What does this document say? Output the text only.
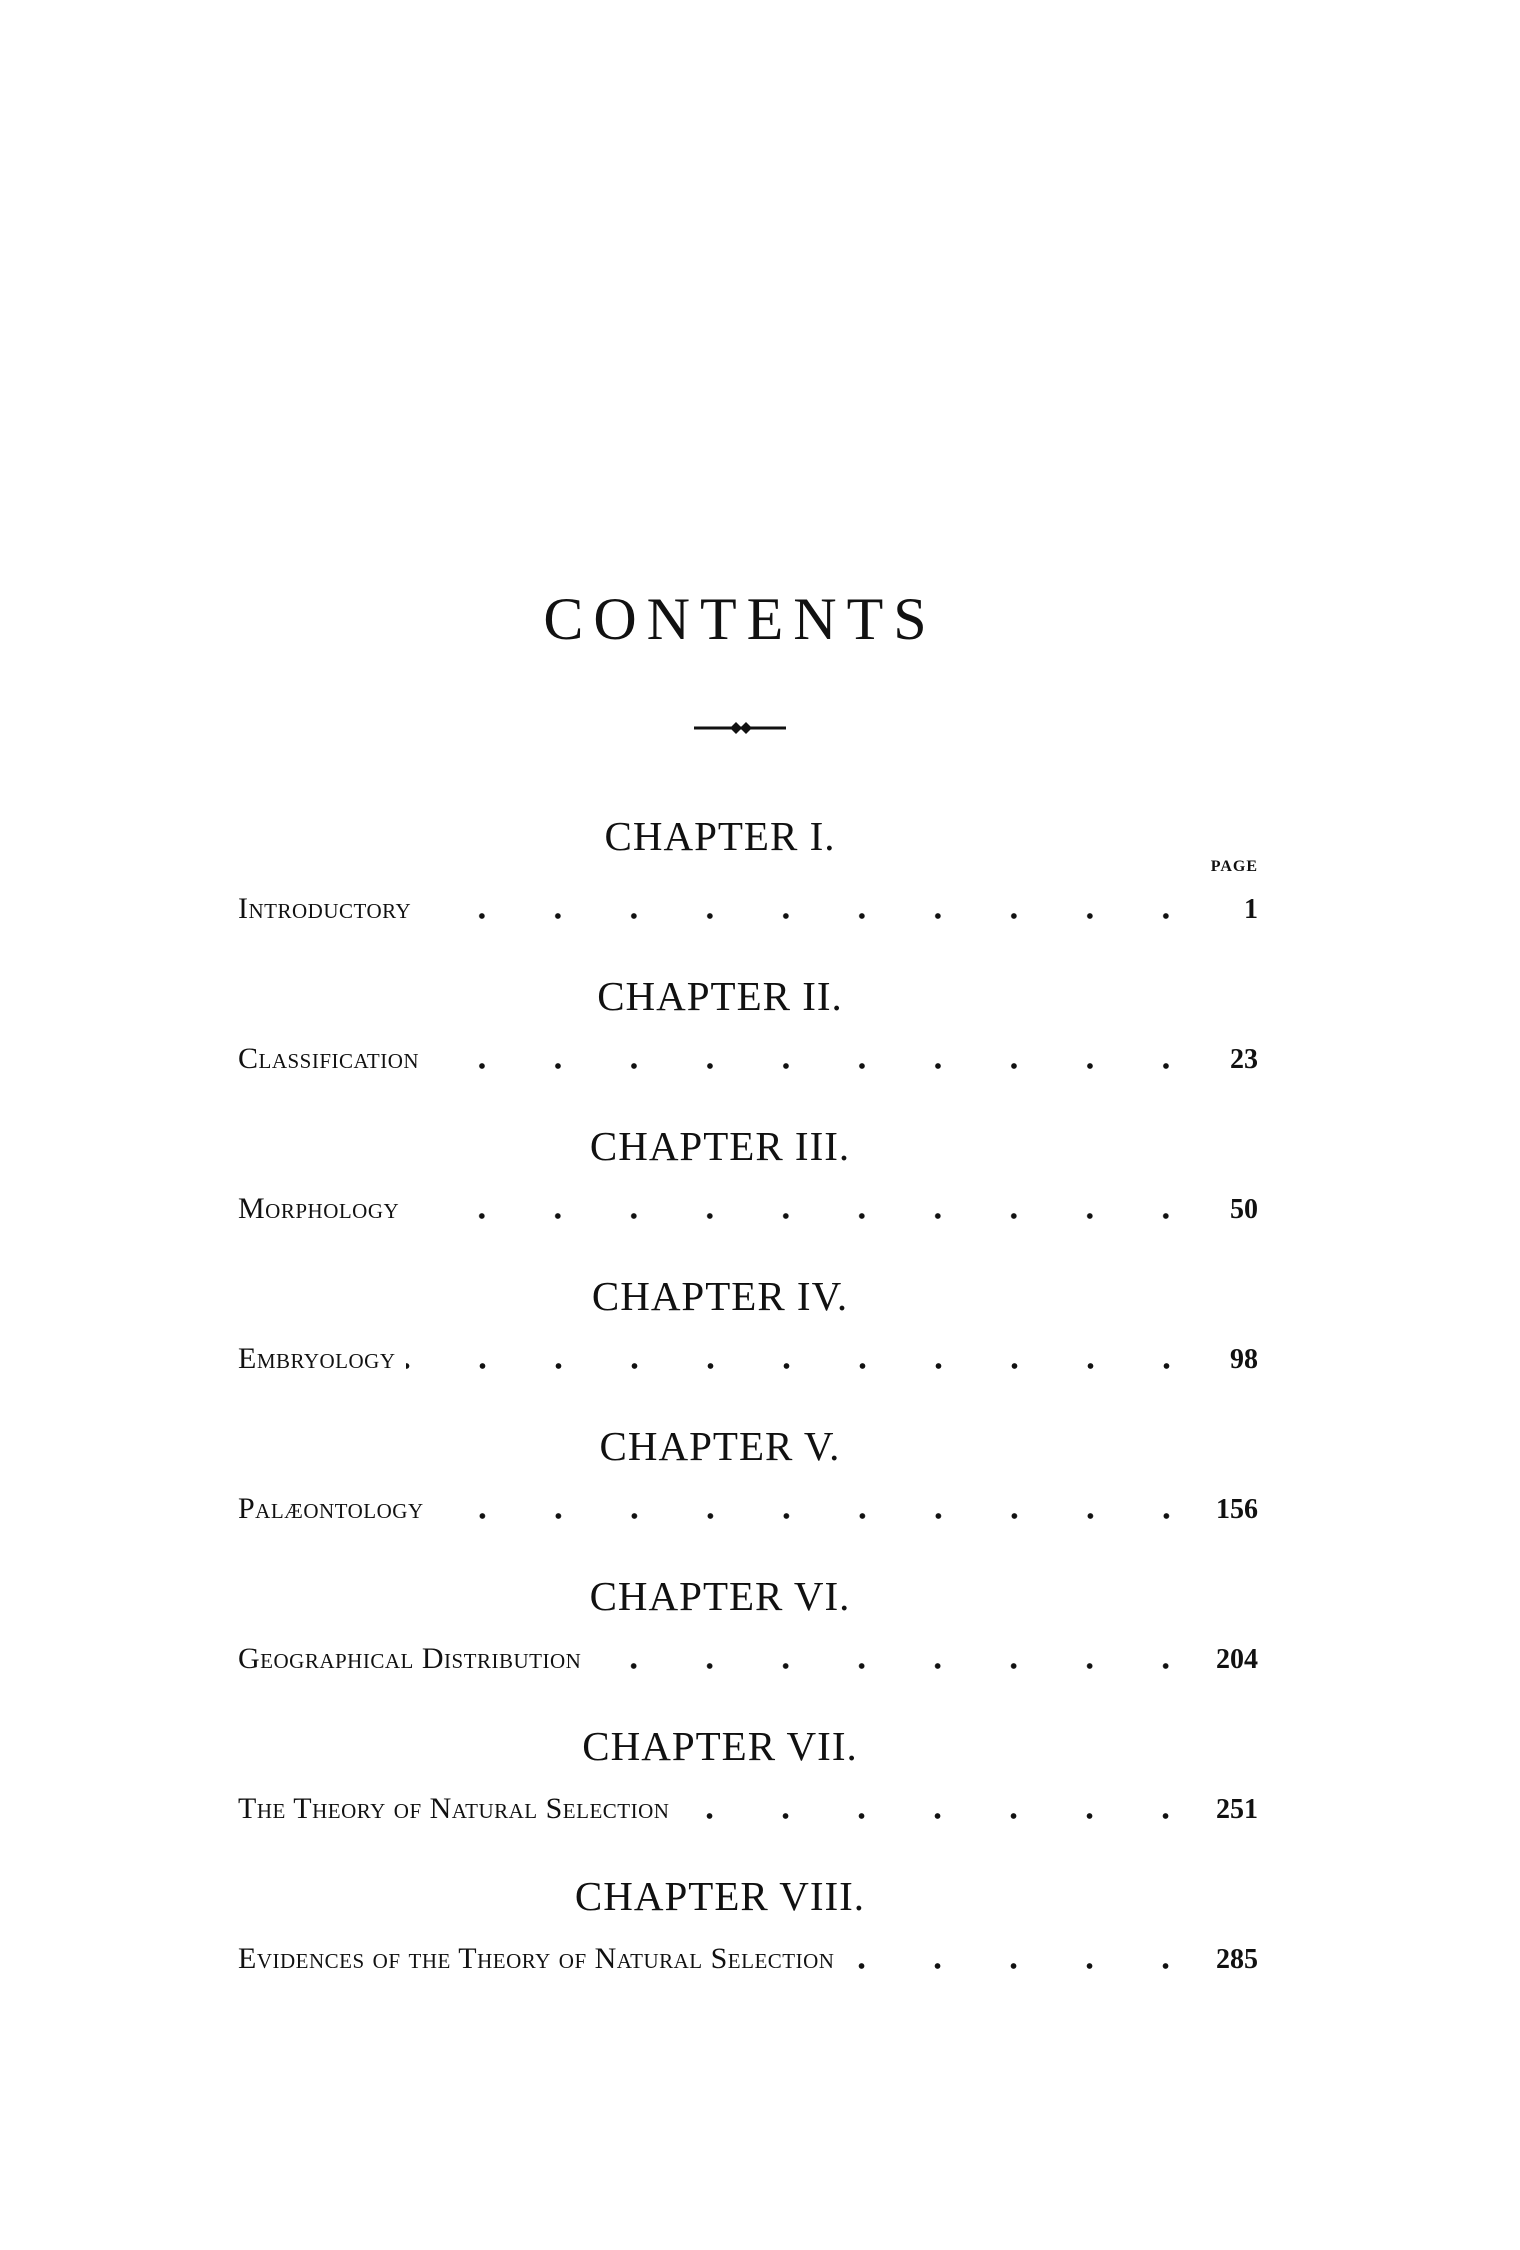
CONTENTS
PAGE
CHAPTER I.
Introductory	1
CHAPTER II.
Classification	23
CHAPTER III.
Morphology	50
CHAPTER IV.
Embryology	98
CHAPTER V.
Palæontology	156
CHAPTER VI.
Geographical Distribution	204
CHAPTER VII.
The Theory of Natural Selection	251
CHAPTER VIII.
Evidences of the Theory of Natural Selection	285
